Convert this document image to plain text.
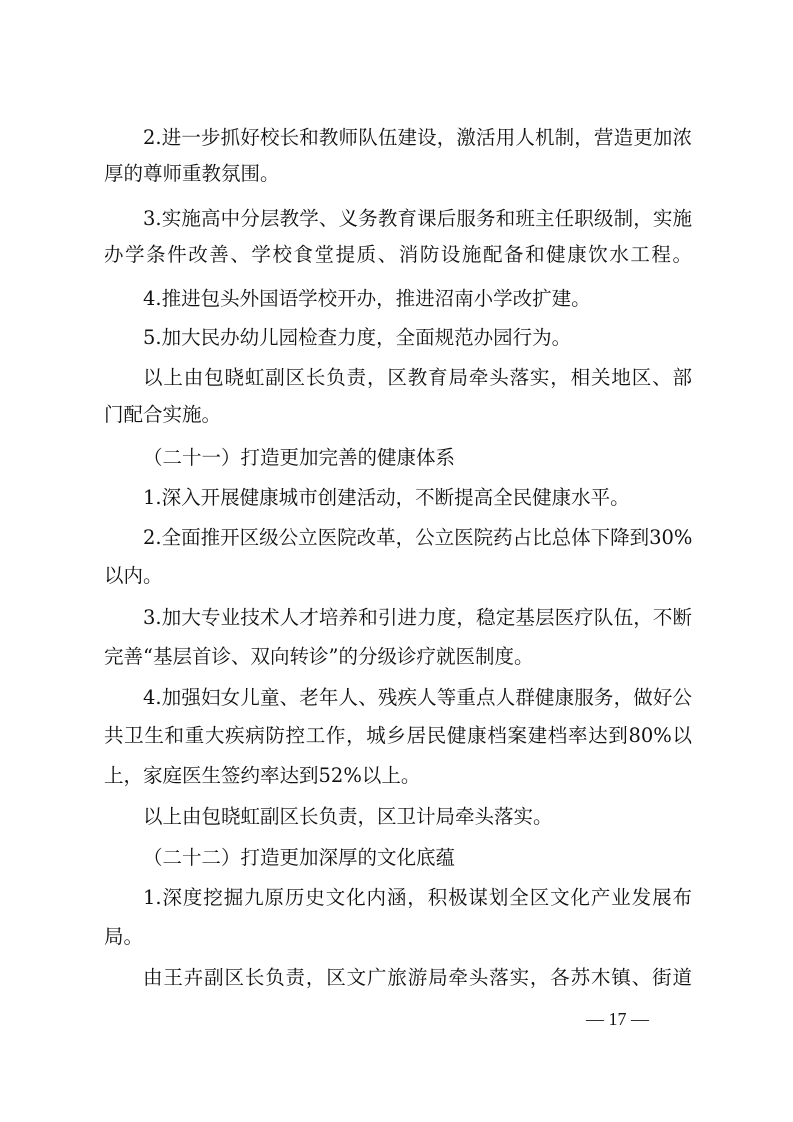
2.进一步抓好校长和教师队伍建设，激活用人机制，营造更加浓
厚的尊师重教氛围。
3.实施高中分层教学、义务教育课后服务和班主任职级制，实施
办学条件改善、学校食堂提质、消防设施配备和健康饮水工程。
4.推进包头外国语学校开办，推进沼南小学改扩建。
5.加大民办幼儿园检查力度，全面规范办园行为。
以上由包晓虹副区长负责，区教育局牵头落实，相关地区、部
门配合实施。
（二十一）打造更加完善的健康体系
1.深入开展健康城市创建活动，不断提高全民健康水平。
2.全面推开区级公立医院改革，公立医院药占比总体下降到30%
以内。
3.加大专业技术人才培养和引进力度，稳定基层医疗队伍，不断
完善“基层首诊、双向转诊”的分级诊疗就医制度。
4.加强妇女儿童、老年人、残疾人等重点人群健康服务，做好公
共卫生和重大疾病防控工作，城乡居民健康档案建档率达到80%以
上，家庭医生签约率达到52%以上。
以上由包晓虹副区长负责，区卫计局牵头落实。
（二十二）打造更加深厚的文化底蕴
1.深度挖掘九原历史文化内涵，积极谋划全区文化产业发展布
局。
由王卉副区长负责，区文广旅游局牵头落实，各苏木镇、街道
— 17 —
